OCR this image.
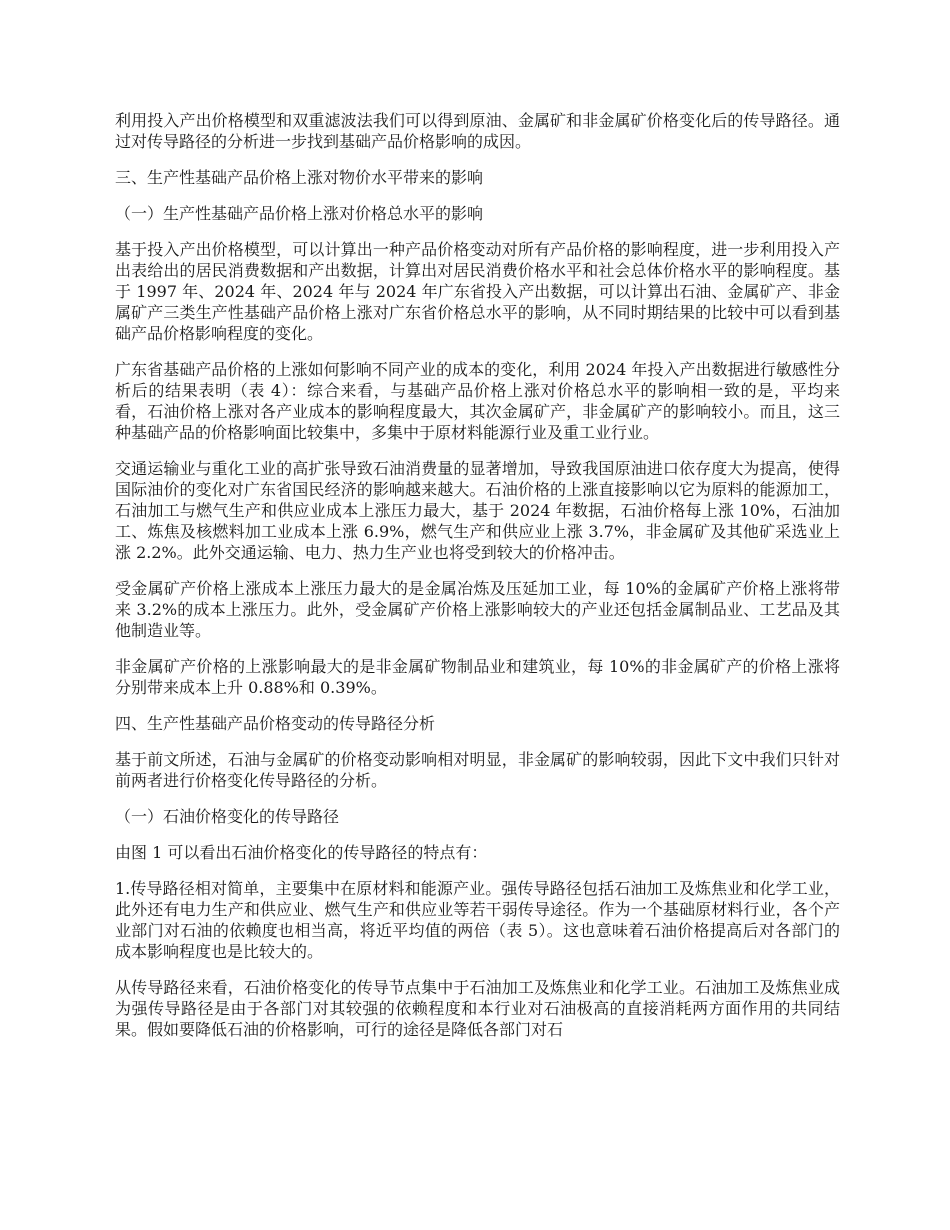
利用投入产出价格模型和双重滤波法我们可以得到原油、金属矿和非金属矿价格变化后的传导路径。通过对传导路径的分析进一步找到基础产品价格影响的成因。

三、生产性基础产品价格上涨对物价水平带来的影响

（一）生产性基础产品价格上涨对价格总水平的影响

基于投入产出价格模型，可以计算出一种产品价格变动对所有产品价格的影响程度，进一步利用投入产出表给出的居民消费数据和产出数据，计算出对居民消费价格水平和社会总体价格水平的影响程度。基于 1997 年、2024 年、2024 年与 2024 年广东省投入产出数据，可以计算出石油、金属矿产、非金属矿产三类生产性基础产品价格上涨对广东省价格总水平的影响，从不同时期结果的比较中可以看到基础产品价格影响程度的变化。

广东省基础产品价格的上涨如何影响不同产业的成本的变化，利用 2024 年投入产出数据进行敏感性分析后的结果表明（表 4）：综合来看，与基础产品价格上涨对价格总水平的影响相一致的是，平均来看，石油价格上涨对各产业成本的影响程度最大，其次金属矿产，非金属矿产的影响较小。而且，这三种基础产品的价格影响面比较集中，多集中于原材料能源行业及重工业行业。

交通运输业与重化工业的高扩张导致石油消费量的显著增加，导致我国原油进口依存度大为提高，使得国际油价的变化对广东省国民经济的影响越来越大。石油价格的上涨直接影响以它为原料的能源加工，石油加工与燃气生产和供应业成本上涨压力最大，基于 2024 年数据，石油价格每上涨 10%，石油加工、炼焦及核燃料加工业成本上涨 6.9%，燃气生产和供应业上涨 3.7%，非金属矿及其他矿采选业上涨 2.2%。此外交通运输、电力、热力生产业也将受到较大的价格冲击。

受金属矿产价格上涨成本上涨压力最大的是金属冶炼及压延加工业，每 10%的金属矿产价格上涨将带来 3.2%的成本上涨压力。此外，受金属矿产价格上涨影响较大的产业还包括金属制品业、工艺品及其他制造业等。

非金属矿产价格的上涨影响最大的是非金属矿物制品业和建筑业，每 10%的非金属矿产的价格上涨将分别带来成本上升 0.88%和 0.39%。

四、生产性基础产品价格变动的传导路径分析

基于前文所述，石油与金属矿的价格变动影响相对明显，非金属矿的影响较弱，因此下文中我们只针对前两者进行价格变化传导路径的分析。

（一）石油价格变化的传导路径

由图 1 可以看出石油价格变化的传导路径的特点有：

1.传导路径相对简单，主要集中在原材料和能源产业。强传导路径包括石油加工及炼焦业和化学工业，此外还有电力生产和供应业、燃气生产和供应业等若干弱传导途径。作为一个基础原材料行业，各个产业部门对石油的依赖度也相当高，将近平均值的两倍（表 5）。这也意味着石油价格提高后对各部门的成本影响程度也是比较大的。

从传导路径来看，石油价格变化的传导节点集中于石油加工及炼焦业和化学工业。石油加工及炼焦业成为强传导路径是由于各部门对其较强的依赖程度和本行业对石油极高的直接消耗两方面作用的共同结果。假如要降低石油的价格影响，可行的途径是降低各部门对石
